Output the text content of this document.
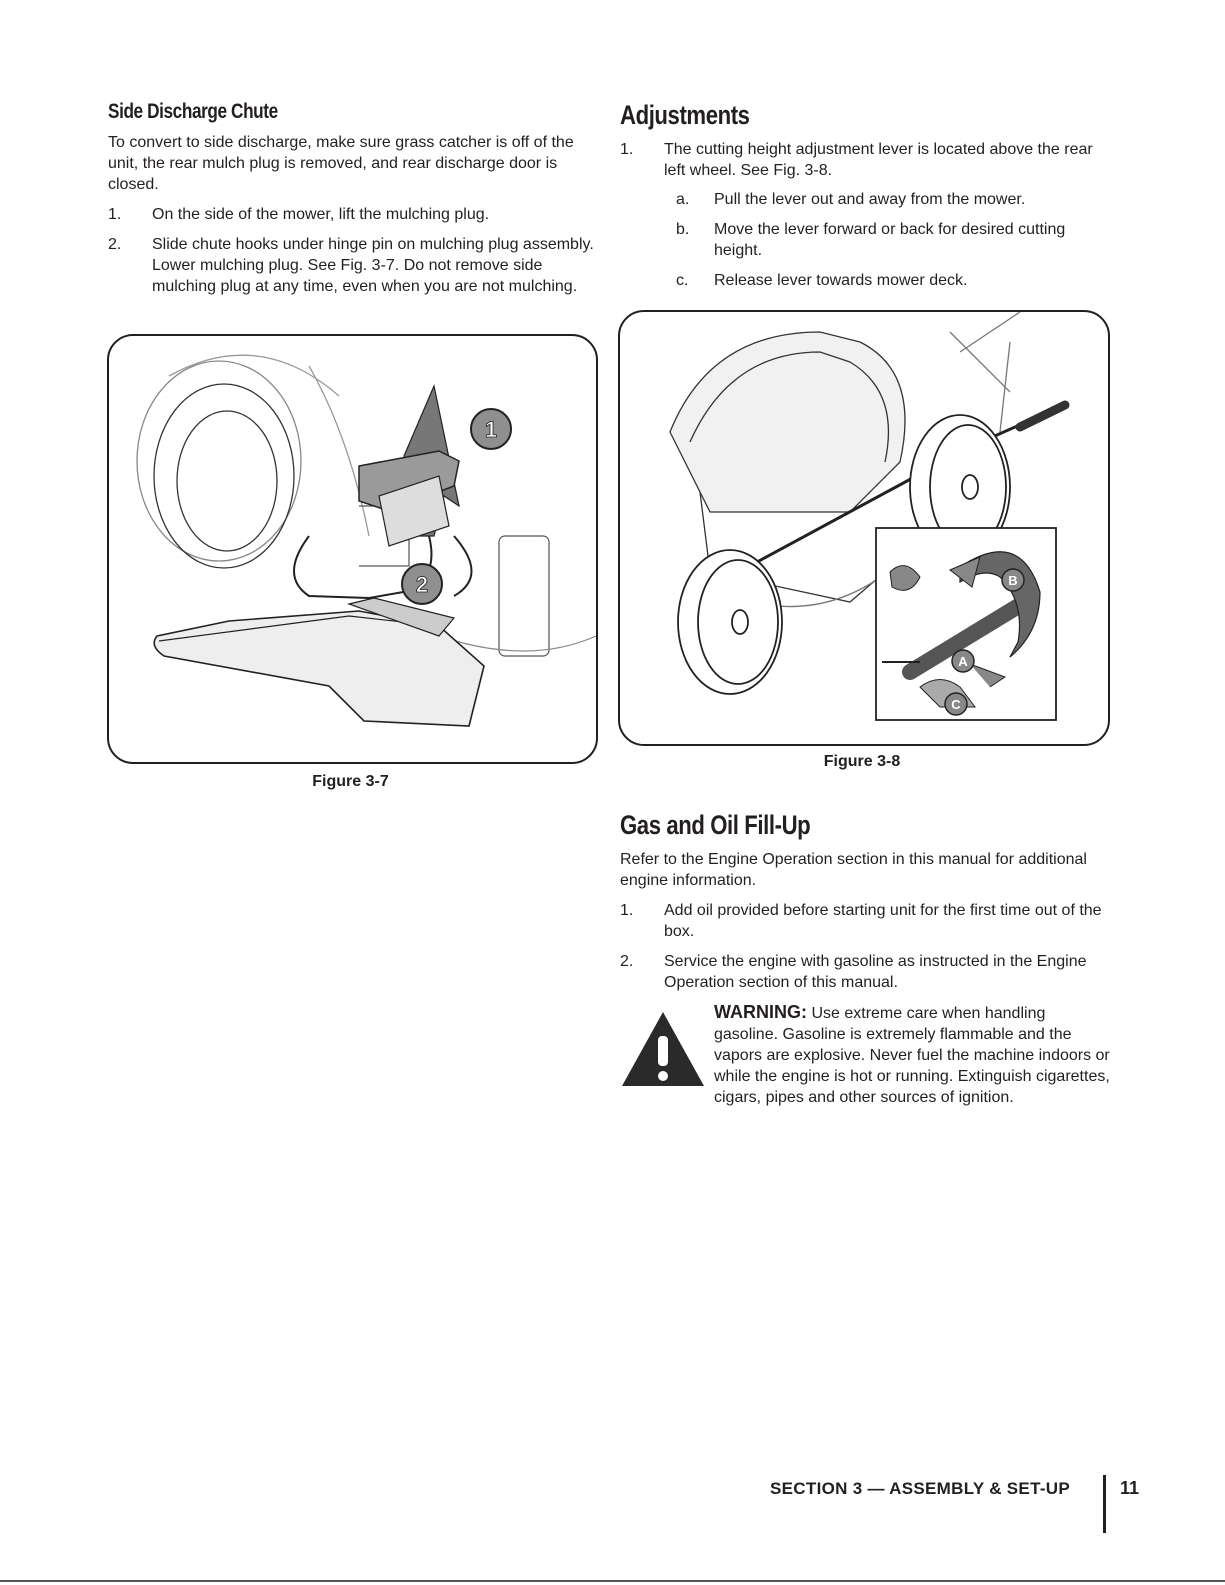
Side Discharge Chute

To convert to side discharge, make sure grass catcher is off of the unit, the rear mulch plug is removed, and rear discharge door is closed.

1. On the side of the mower, lift the mulching plug.
2. Slide chute hooks under hinge pin on mulching plug assembly. Lower mulching plug. See Fig. 3-7. Do not remove side mulching plug at any time, even when you are not mulching.
1
2
Figure 3-7
Adjustments
1. The cutting height adjustment lever is located above the rear left wheel. See Fig. 3-8.
a. Pull the lever out and away from the mower.
b. Move the lever forward or back for desired cutting height.
c. Release lever towards mower deck.
B
A
C
Figure 3-8
Gas and Oil Fill-Up

Refer to the Engine Operation section in this manual for additional engine information.

1. Add oil provided before starting unit for the first time out of the box.
2. Service the engine with gasoline as instructed in the Engine Operation section of this manual.

WARNING: Use extreme care when handling gasoline. Gasoline is extremely flammable and the vapors are explosive. Never fuel the machine indoors or while the engine is hot or running. Extinguish cigarettes, cigars, pipes and other sources of ignition.

SECTION 3 — ASSEMBLY & SET-UP	11
